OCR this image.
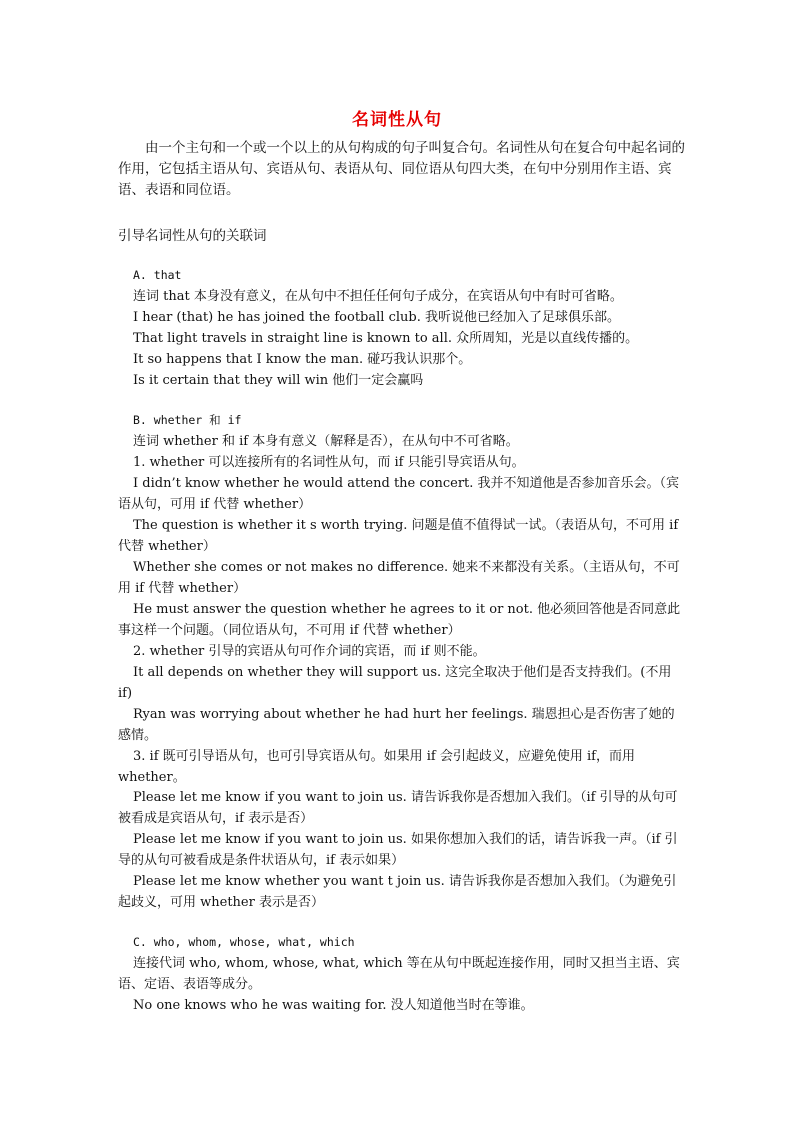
名词性从句
由一个主句和一个或一个以上的从句构成的句子叫复合句。名词性从句在复合句中起名词的作用，它包括主语从句、宾语从句、表语从句、同位语从句四大类，在句中分别用作主语、宾语、表语和同位语。
引导名词性从句的关联词
A. that
连词 that 本身没有意义，在从句中不担任任何句子成分，在宾语从句中有时可省略。
I hear (that) he has joined the football club. 我听说他已经加入了足球俱乐部。
That light travels in straight line is known to all. 众所周知，光是以直线传播的。
It so happens that I know the man. 碰巧我认识那个。
Is it certain that they will win 他们一定会赢吗
B. whether 和 if
连词 whether 和 if 本身有意义（解释是否），在从句中不可省略。
1. whether 可以连接所有的名词性从句，而 if 只能引导宾语从句。
I didn’t know whether he would attend the concert. 我并不知道他是否参加音乐会。（宾语从句，可用 if 代替 whether）
The question is whether it s worth trying. 问题是值不值得试一试。（表语从句，不可用 if 代替 whether）
Whether she comes or not makes no difference. 她来不来都没有关系。（主语从句，不可用 if 代替 whether）
He must answer the question whether he agrees to it or not. 他必须回答他是否同意此事这样一个问题。（同位语从句，不可用 if 代替 whether）
2. whether 引导的宾语从句可作介词的宾语，而 if 则不能。
It all depends on whether they will support us. 这完全取决于他们是否支持我们。(不用 if)
Ryan was worrying about whether he had hurt her feelings. 瑞恩担心是否伤害了她的感情。
3. if 既可引导语从句，也可引导宾语从句。如果用 if 会引起歧义，应避免使用 if，而用 whether。
Please let me know if you want to join us. 请告诉我你是否想加入我们。（if 引导的从句可被看成是宾语从句，if 表示是否）
Please let me know if you want to join us. 如果你想加入我们的话，请告诉我一声。（if 引导的从句可被看成是条件状语从句，if 表示如果）
Please let me know whether you want t join us. 请告诉我你是否想加入我们。（为避免引起歧义，可用 whether 表示是否）
C. who, whom, whose, what, which
连接代词 who, whom, whose, what, which 等在从句中既起连接作用，同时又担当主语、宾语、定语、表语等成分。
No one knows who he was waiting for. 没人知道他当时在等谁。
